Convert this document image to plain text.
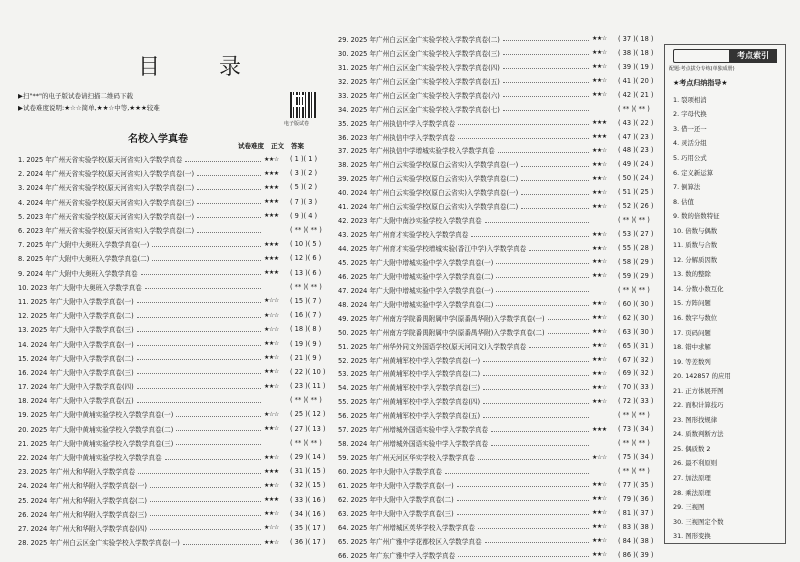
目 录
▶扫"**"的电子版试卷请扫描二维码下载
▶试卷难度说明:★☆☆简单,★★☆中等,★★★较难
电子版试卷
名校入学真卷
试卷难度 正文 答案
1. 2025 年广州天省实验学校(原天河省实)入学数学真卷	★★☆	( 1 )( 1 )
2. 2024 年广州天省实验学校(原天河省实)入学数学真卷(一)	★★★	( 3 )( 2 )
3. 2024 年广州天省实验学校(原天河省实)入学数学真卷(二)	★★★	( 5 )( 2 )
4. 2024 年广州天省实验学校(原天河省实)入学数学真卷(三)	★★★	( 7 )( 3 )
5. 2023 年广州天省实验学校(原天河省实)入学数学真卷(一)	★★★	( 9 )( 4 )
6. 2023 年广州天省实验学校(原天河省实)入学数学真卷(二)	( ** )( ** )
7. 2025 年广大附中大奥班入学数学真卷(一)	★★★	( 10 )( 5 )
8. 2025 年广大附中大奥班入学数学真卷(二)	★★★	( 12 )( 6 )
9. 2024 年广大附中大奥班入学数学真卷	★★★	( 13 )( 6 )
10. 2023 年广大附中大奥班入学数学真卷	( ** )( ** )
11. 2025 年广大附中入学数学真卷(一)	★☆☆	( 15 )( 7 )
12. 2025 年广大附中入学数学真卷(二)	★☆☆	( 16 )( 7 )
13. 2025 年广大附中入学数学真卷(三)	★☆☆	( 18 )( 8 )
14. 2024 年广大附中入学数学真卷(一)	★★☆	( 19 )( 9 )
15. 2024 年广大附中入学数学真卷(二)	★★☆	( 21 )( 9 )
16. 2024 年广大附中入学数学真卷(三)	★★☆	( 22 )( 10 )
17. 2024 年广大附中入学数学真卷(四)	★★☆	( 23 )( 11 )
18. 2024 年广大附中入学数学真卷(五)	( ** )( ** )
19. 2025 年广大附中黄埔实验学校入学数学真卷(一)	★☆☆	( 25 )( 12 )
20. 2025 年广大附中黄埔实验学校入学数学真卷(二)	★★☆	( 27 )( 13 )
21. 2025 年广大附中黄埔实验学校入学数学真卷(三)	( ** )( ** )
22. 2024 年广大附中黄埔实验学校入学数学真卷	★★☆	( 29 )( 14 )
23. 2025 年广州大和华附入学数学真卷	★★★	( 31 )( 15 )
24. 2024 年广州大和华附入学数学真卷(一)	★★☆	( 32 )( 15 )
25. 2024 年广州大和华附入学数学真卷(二)	★★★	( 33 )( 16 )
26. 2024 年广州大和华附入学数学真卷(三)	★★☆	( 34 )( 16 )
27. 2024 年广州大和华附入学数学真卷(四)	★☆☆	( 35 )( 17 )
28. 2025 年广州白云区金广实验学校入学数学真卷(一)	★★☆	( 36 )( 17 )
29. 2025 年广州白云区金广实验学校入学数学真卷(二)	★★☆	( 37 )( 18 )
30. 2025 年广州白云区金广实验学校入学数学真卷(三)	★★☆	( 38 )( 18 )
31. 2025 年广州白云区金广实验学校入学数学真卷(四)	★★☆	( 39 )( 19 )
32. 2025 年广州白云区金广实验学校入学数学真卷(五)	★★☆	( 41 )( 20 )
33. 2025 年广州白云区金广实验学校入学数学真卷(六)	★★☆	( 42 )( 21 )
34. 2025 年广州白云区金广实验学校入学数学真卷(七)	( ** )( ** )
35. 2025 年广州执信中学入学数学真卷	★★★	( 43 )( 22 )
36. 2023 年广州执信中学入学数学真卷	★★★	( 47 )( 23 )
37. 2025 年广州执信中学增城实验学校入学数学真卷	★★☆	( 48 )( 23 )
38. 2025 年广州白云实验学校(原白云省实)入学数学真卷(一)	★★☆	( 49 )( 24 )
39. 2025 年广州白云实验学校(原白云省实)入学数学真卷(二)	★★☆	( 50 )( 24 )
40. 2024 年广州白云实验学校(原白云省实)入学数学真卷(一)	★★☆	( 51 )( 25 )
41. 2024 年广州白云实验学校(原白云省实)入学数学真卷(二)	★★☆	( 52 )( 26 )
42. 2023 年广大附中南沙实验学校入学数学真卷	( ** )( ** )
43. 2025 年广州育才实验学校入学数学真卷	★★☆	( 53 )( 27 )
44. 2025 年广州育才实验学校增城实验(香江中学)入学数学真卷	★★☆	( 55 )( 28 )
45. 2025 年广大附中增城实验中学入学数学真卷(一)	★★☆	( 58 )( 29 )
46. 2025 年广大附中增城实验中学入学数学真卷(二)	★★☆	( 59 )( 29 )
47. 2024 年广大附中增城实验中学入学数学真卷(一)	( ** )( ** )
48. 2024 年广大附中增城实验中学入学数学真卷(二)	★★☆	( 60 )( 30 )
49. 2025 年广州南方学院番禺附属中学(原番禺华附)入学数学真卷(一)	★★☆	( 62 )( 30 )
50. 2025 年广州南方学院番禺附属中学(原番禺华附)入学数学真卷(二)	★★☆	( 63 )( 30 )
51. 2025 年广州华外同文外国语学校(原天河同文)入学数学真卷	★★☆	( 65 )( 31 )
52. 2025 年广州黄埔军校中学入学数学真卷(一)	★★☆	( 67 )( 32 )
53. 2025 年广州黄埔军校中学入学数学真卷(二)	★★☆	( 69 )( 32 )
54. 2025 年广州黄埔军校中学入学数学真卷(三)	★★☆	( 70 )( 33 )
55. 2025 年广州黄埔军校中学入学数学真卷(四)	★★☆	( 72 )( 33 )
56. 2025 年广州黄埔军校中学入学数学真卷(五)	( ** )( ** )
57. 2025 年广州增城外国语实验中学入学数学真卷	★★★	( 73 )( 34 )
58. 2024 年广州增城外国语实验中学入学数学真卷	( ** )( ** )
59. 2025 年广州天河区华实学校入学数学真卷	★☆☆	( 75 )( 34 )
60. 2025 年中大附中入学数学真卷	( ** )( ** )
61. 2025 年中大附中入学数学真卷(一)	★★☆	( 77 )( 35 )
62. 2025 年中大附中入学数学真卷(二)	★★☆	( 79 )( 36 )
63. 2025 年中大附中入学数学真卷(三)	★★☆	( 81 )( 37 )
64. 2025 年广州增城区英华学校入学数学真卷	★★☆	( 83 )( 38 )
65. 2025 年广州广雅中学花都校区入学数学真卷	★★☆	( 84 )( 38 )
66. 2025 年广东广雅中学入学数学真卷	★★☆	( 86 )( 39 )
考点索引
配题:考点拔分专练(单独成册)
★考点归纳指导★
1. 裂项相消
2. 字母代换
3. 借一还一
4. 灵活分组
5. 巧用公式
6. 定义新运算
7. 倒算法
8. 估值
9. 数的倍数特征
10. 倍数与偶数
11. 质数与合数
12. 分解质因数
13. 数的整除
14. 分数小数互化
15. 方阵问题
16. 数字与数位
17. 页码问题
18. 错中求解
19. 等差数列
20. 142857 的应用
21. 正方体展开图
22. 面积计算技巧
23. 图形找规律
24. 质数判断方法
25. 偶质数 2
26. 最不利原则
27. 加法原理
28. 乘法原理
29. 三视图
30. 三视图定个数
31. 图形变换
